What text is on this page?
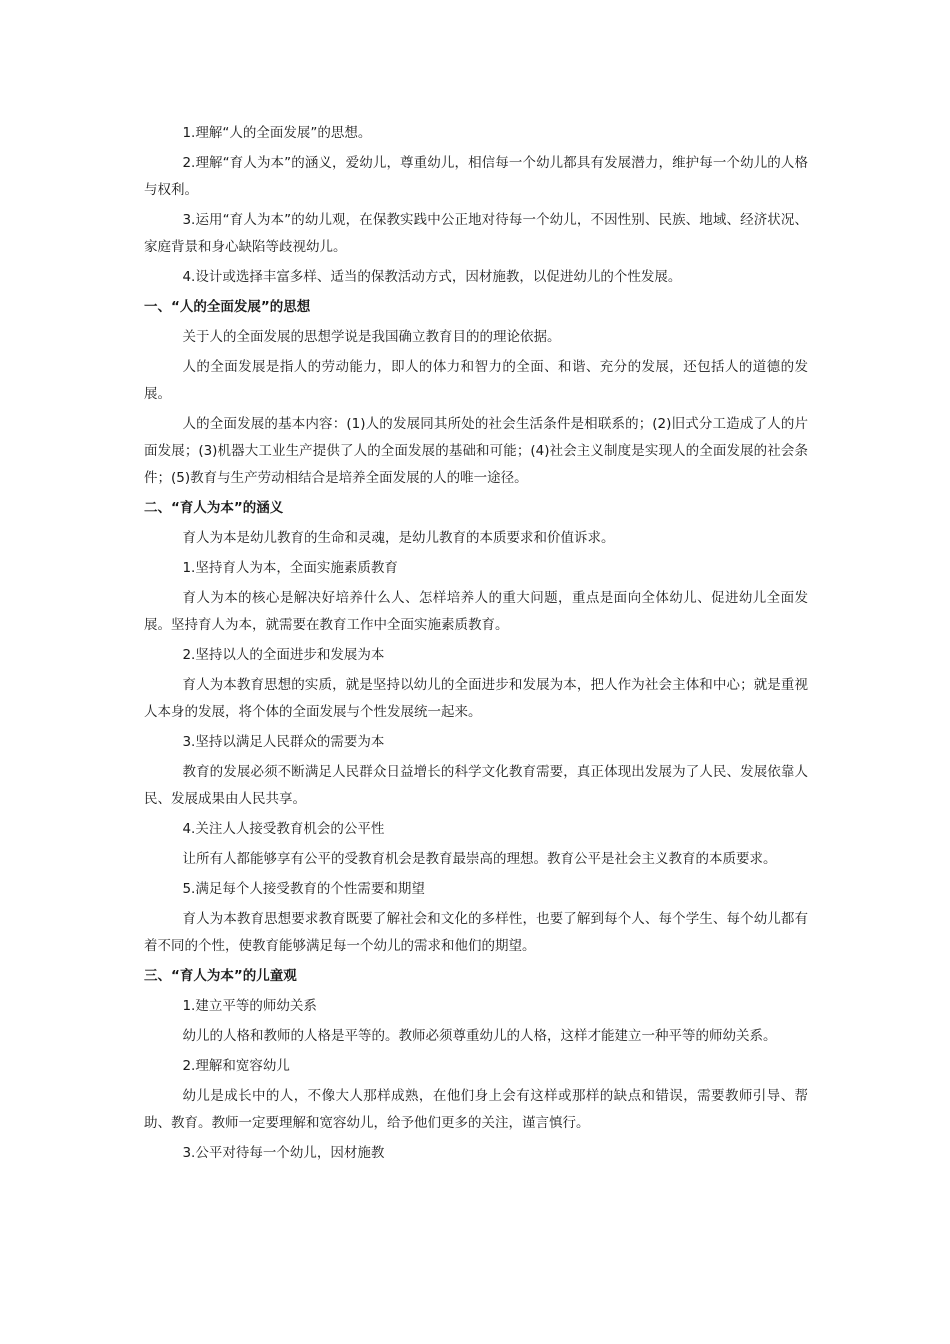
1.理解“人的全面发展”的思想。

2.理解“育人为本”的涵义，爱幼儿，尊重幼儿，相信每一个幼儿都具有发展潜力，维护每一个幼儿的人格与权利。

3.运用“育人为本”的幼儿观，在保教实践中公正地对待每一个幼儿，不因性别、民族、地域、经济状况、家庭背景和身心缺陷等歧视幼儿。

4.设计或选择丰富多样、适当的保教活动方式，因材施教，以促进幼儿的个性发展。

一、“人的全面发展”的思想

关于人的全面发展的思想学说是我国确立教育目的的理论依据。

人的全面发展是指人的劳动能力，即人的体力和智力的全面、和谐、充分的发展，还包括人的道德的发展。

人的全面发展的基本内容：(1)人的发展同其所处的社会生活条件是相联系的；(2)旧式分工造成了人的片面发展；(3)机器大工业生产提供了人的全面发展的基础和可能；(4)社会主义制度是实现人的全面发展的社会条件；(5)教育与生产劳动相结合是培养全面发展的人的唯一途径。

二、“育人为本”的涵义

育人为本是幼儿教育的生命和灵魂，是幼儿教育的本质要求和价值诉求。

1.坚持育人为本，全面实施素质教育

育人为本的核心是解决好培养什么人、怎样培养人的重大问题，重点是面向全体幼儿、促进幼儿全面发展。坚持育人为本，就需要在教育工作中全面实施素质教育。

2.坚持以人的全面进步和发展为本

育人为本教育思想的实质，就是坚持以幼儿的全面进步和发展为本，把人作为社会主体和中心；就是重视人本身的发展，将个体的全面发展与个性发展统一起来。

3.坚持以满足人民群众的需要为本

教育的发展必须不断满足人民群众日益增长的科学文化教育需要，真正体现出发展为了人民、发展依靠人民、发展成果由人民共享。

4.关注人人接受教育机会的公平性

让所有人都能够享有公平的受教育机会是教育最崇高的理想。教育公平是社会主义教育的本质要求。

5.满足每个人接受教育的个性需要和期望

育人为本教育思想要求教育既要了解社会和文化的多样性，也要了解到每个人、每个学生、每个幼儿都有着不同的个性，使教育能够满足每一个幼儿的需求和他们的期望。

三、“育人为本”的儿童观

1.建立平等的师幼关系

幼儿的人格和教师的人格是平等的。教师必须尊重幼儿的人格，这样才能建立一种平等的师幼关系。

2.理解和宽容幼儿

幼儿是成长中的人，不像大人那样成熟，在他们身上会有这样或那样的缺点和错误，需要教师引导、帮助、教育。教师一定要理解和宽容幼儿，给予他们更多的关注，谨言慎行。

3.公平对待每一个幼儿，因材施教
